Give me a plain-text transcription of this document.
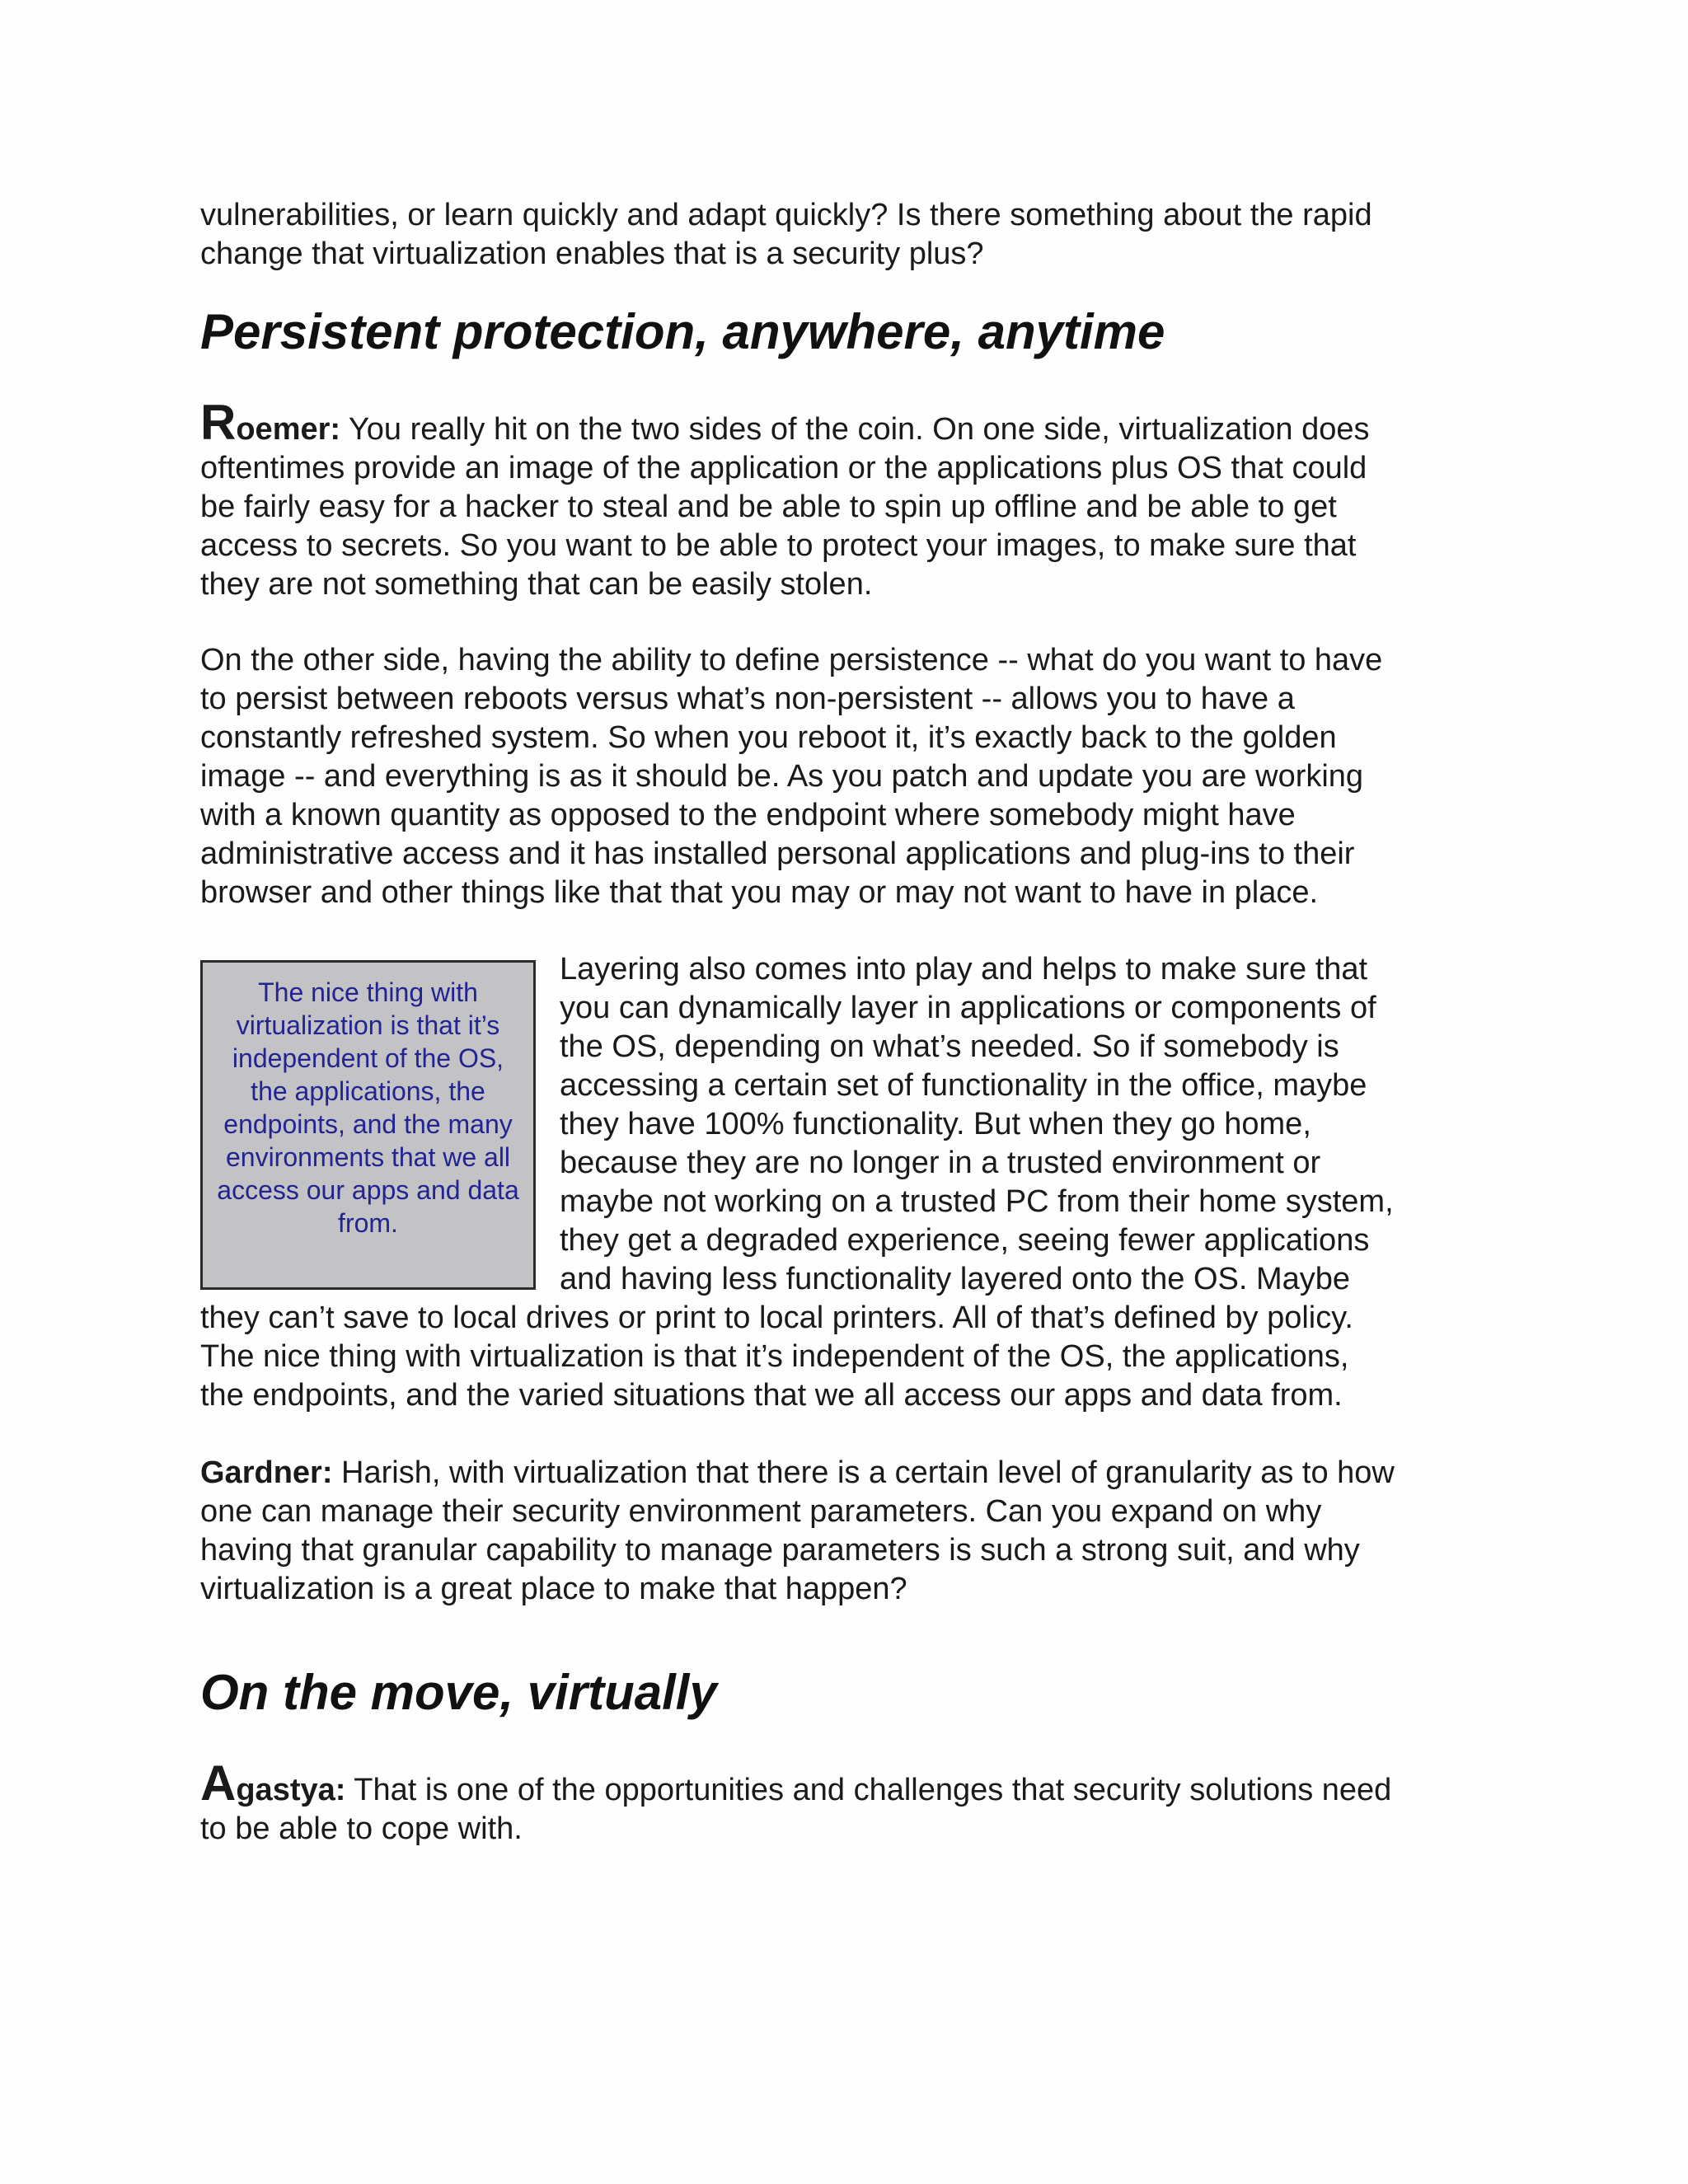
vulnerabilities, or learn quickly and adapt quickly? Is there something about the rapid change that virtualization enables that is a security plus?

Persistent protection, anywhere, anytime

Roemer: You really hit on the two sides of the coin. On one side, virtualization does oftentimes provide an image of the application or the applications plus OS that could be fairly easy for a hacker to steal and be able to spin up offline and be able to get access to secrets. So you want to be able to protect your images, to make sure that they are not something that can be easily stolen.

On the other side, having the ability to define persistence -- what do you want to have to persist between reboots versus what’s non-persistent -- allows you to have a constantly refreshed system. So when you reboot it, it’s exactly back to the golden image -- and everything is as it should be. As you patch and update you are working with a known quantity as opposed to the endpoint where somebody might have administrative access and it has installed personal applications and plug-ins to their browser and other things like that that you may or may not want to have in place.

The nice thing with virtualization is that it’s independent of the OS, the applications, the endpoints, and the many environments that we all access our apps and data from.

Layering also comes into play and helps to make sure that you can dynamically layer in applications or components of the OS, depending on what’s needed. So if somebody is accessing a certain set of functionality in the office, maybe they have 100% functionality. But when they go home, because they are no longer in a trusted environment or maybe not working on a trusted PC from their home system, they get a degraded experience, seeing fewer applications and having less functionality layered onto the OS. Maybe they can’t save to local drives or print to local printers. All of that’s defined by policy. The nice thing with virtualization is that it’s independent of the OS, the applications, the endpoints, and the varied situations that we all access our apps and data from.

Gardner: Harish, with virtualization that there is a certain level of granularity as to how one can manage their security environment parameters. Can you expand on why having that granular capability to manage parameters is such a strong suit, and why virtualization is a great place to make that happen?

On the move, virtually

Agastya: That is one of the opportunities and challenges that security solutions need to be able to cope with.
